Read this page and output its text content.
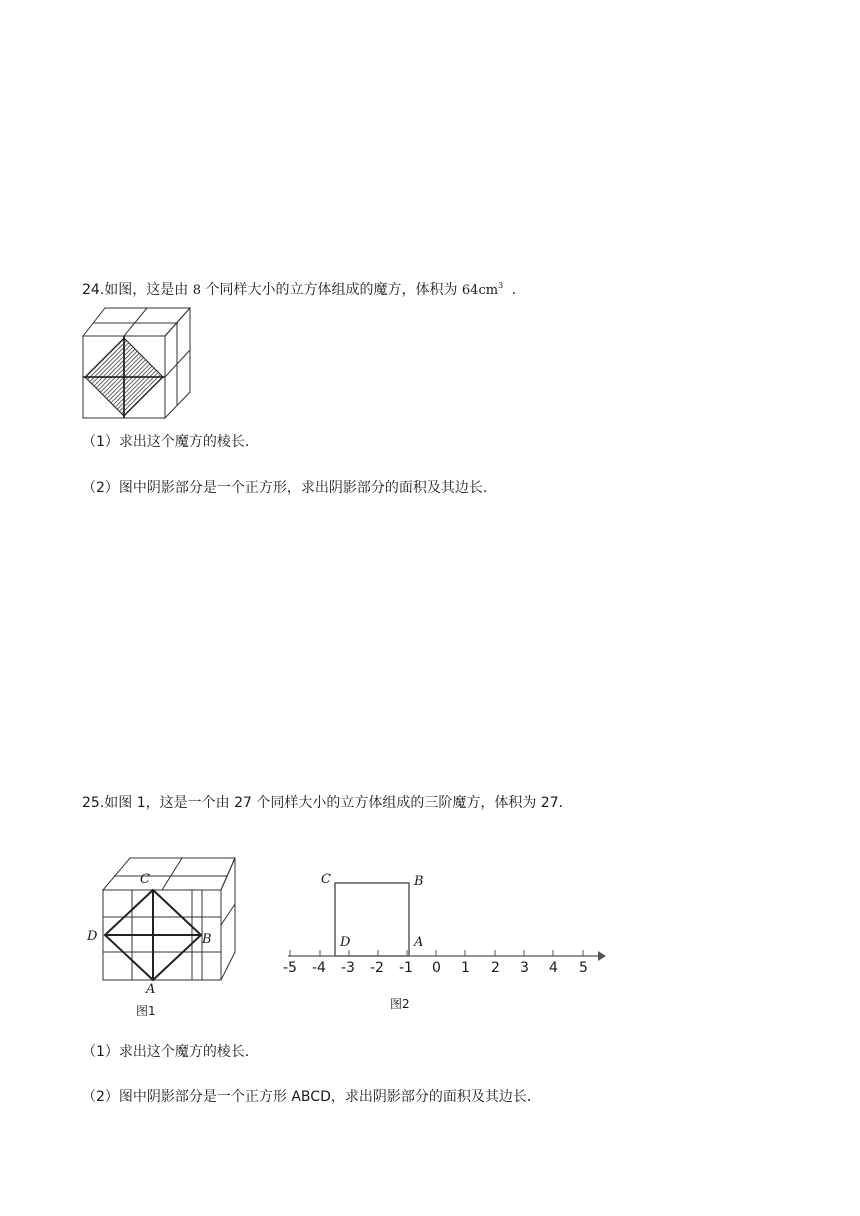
24.如图，这是由 8 个同样大小的立方体组成的魔方，体积为 $64cm^3$ .
（1）求出这个魔方的棱长.
（2）图中阴影部分是一个正方形，求出阴影部分的面积及其边长.
25.如图 1，这是一个由 27 个同样大小的立方体组成的三阶魔方，体积为 27．
C
D	B
A
图1
C	B
D	A
-5 -4 -3 -2 -1 0 1 2 3 4 5
图2
（1）求出这个魔方的棱长．
（2）图中阴影部分是一个正方形 ABCD，求出阴影部分的面积及其边长．
